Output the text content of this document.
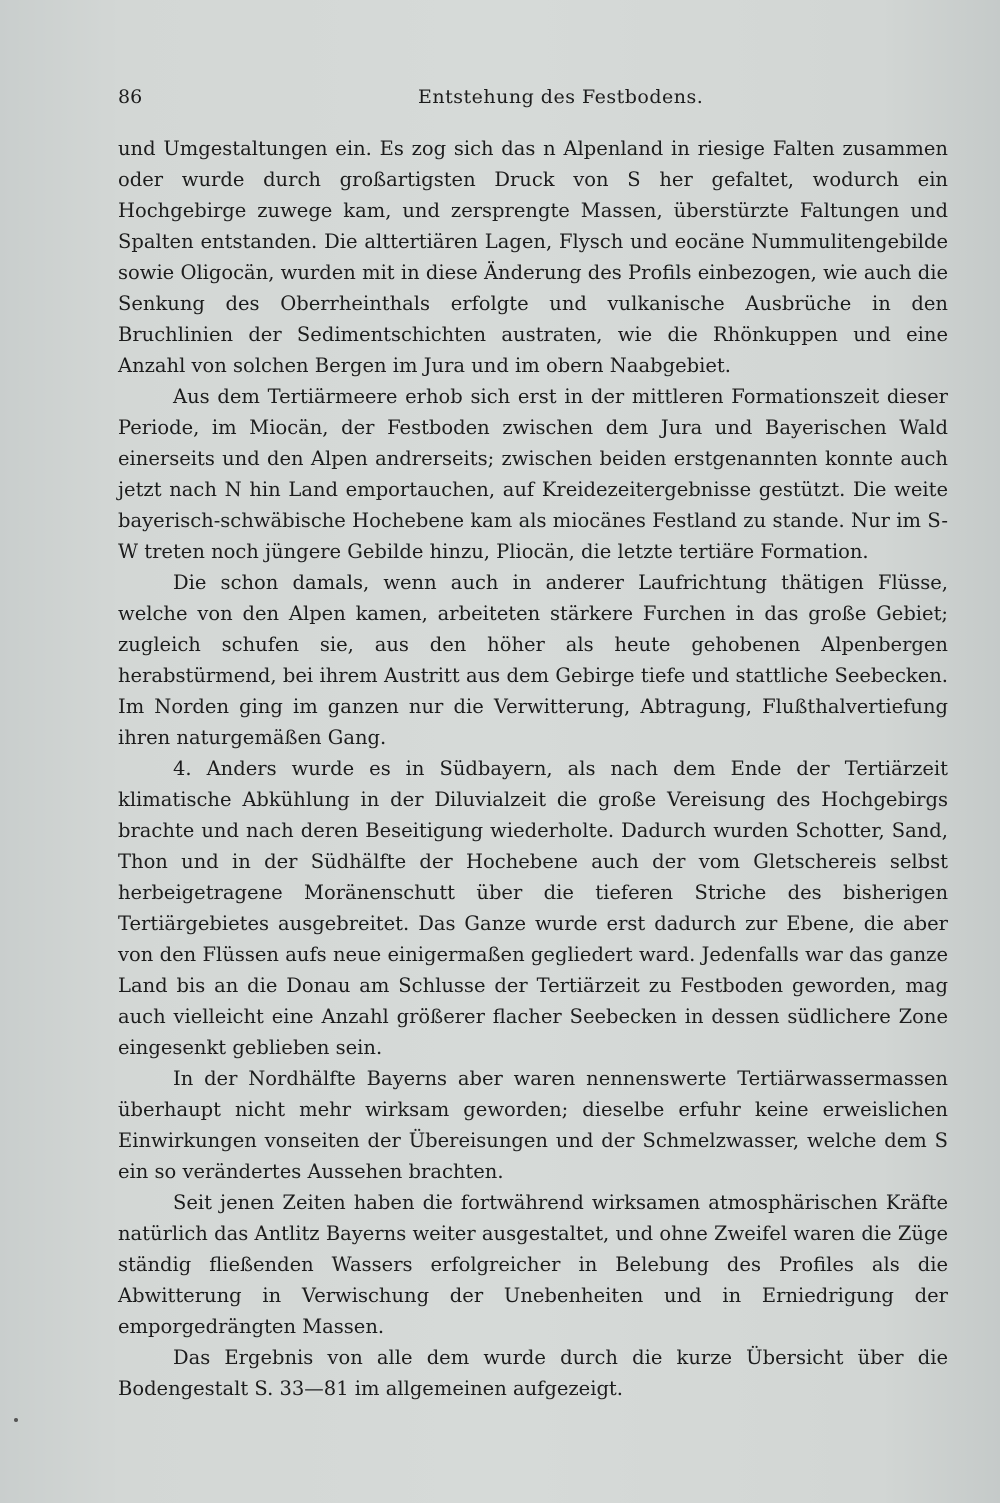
86	Entstehung des Festbodens.

und Umgestaltungen ein. Es zog sich das n Alpenland in riesige Falten zusammen oder wurde durch großartigsten Druck von S her gefaltet, wodurch ein Hochgebirge zuwege kam, und zersprengte Massen, überstürzte Faltungen und Spalten entstanden. Die alttertiären Lagen, Flysch und eocäne Nummulitengebilde sowie Oligocän, wurden mit in diese Änderung des Profils einbezogen, wie auch die Senkung des Oberrheinthals erfolgte und vulkanische Ausbrüche in den Bruchlinien der Sedimentschichten austraten, wie die Rhönkuppen und eine Anzahl von solchen Bergen im Jura und im obern Naabgebiet.

Aus dem Tertiärmeere erhob sich erst in der mittleren Formationszeit dieser Periode, im Miocän, der Festboden zwischen dem Jura und Bayerischen Wald einerseits und den Alpen andrerseits; zwischen beiden erstgenannten konnte auch jetzt nach N hin Land emportauchen, auf Kreidezeitergebnisse gestützt. Die weite bayerisch-schwäbische Hochebene kam als miocänes Festland zu stande. Nur im S-W treten noch jüngere Gebilde hinzu, Pliocän, die letzte tertiäre Formation.

Die schon damals, wenn auch in anderer Laufrichtung thätigen Flüsse, welche von den Alpen kamen, arbeiteten stärkere Furchen in das große Gebiet; zugleich schufen sie, aus den höher als heute gehobenen Alpenbergen herabstürmend, bei ihrem Austritt aus dem Gebirge tiefe und stattliche Seebecken. Im Norden ging im ganzen nur die Verwitterung, Abtragung, Flußthalvertiefung ihren naturgemäßen Gang.

4. Anders wurde es in Südbayern, als nach dem Ende der Tertiärzeit klimatische Abkühlung in der Diluvialzeit die große Vereisung des Hochgebirgs brachte und nach deren Beseitigung wiederholte. Dadurch wurden Schotter, Sand, Thon und in der Südhälfte der Hochebene auch der vom Gletschereis selbst herbeigetragene Moränenschutt über die tieferen Striche des bisherigen Tertiärgebietes ausgebreitet. Das Ganze wurde erst dadurch zur Ebene, die aber von den Flüssen aufs neue einigermaßen gegliedert ward. Jedenfalls war das ganze Land bis an die Donau am Schlusse der Tertiärzeit zu Festboden geworden, mag auch vielleicht eine Anzahl größerer flacher Seebecken in dessen südlichere Zone eingesenkt geblieben sein.

In der Nordhälfte Bayerns aber waren nennenswerte Tertiärwassermassen überhaupt nicht mehr wirksam geworden; dieselbe erfuhr keine erweislichen Einwirkungen vonseiten der Übereisungen und der Schmelzwasser, welche dem S ein so verändertes Aussehen brachten.

Seit jenen Zeiten haben die fortwährend wirksamen atmosphärischen Kräfte natürlich das Antlitz Bayerns weiter ausgestaltet, und ohne Zweifel waren die Züge ständig fließenden Wassers erfolgreicher in Belebung des Profiles als die Abwitterung in Verwischung der Unebenheiten und in Erniedrigung der emporgedrängten Massen.

Das Ergebnis von alle dem wurde durch die kurze Übersicht über die Bodengestalt S. 33—81 im allgemeinen aufgezeigt.
